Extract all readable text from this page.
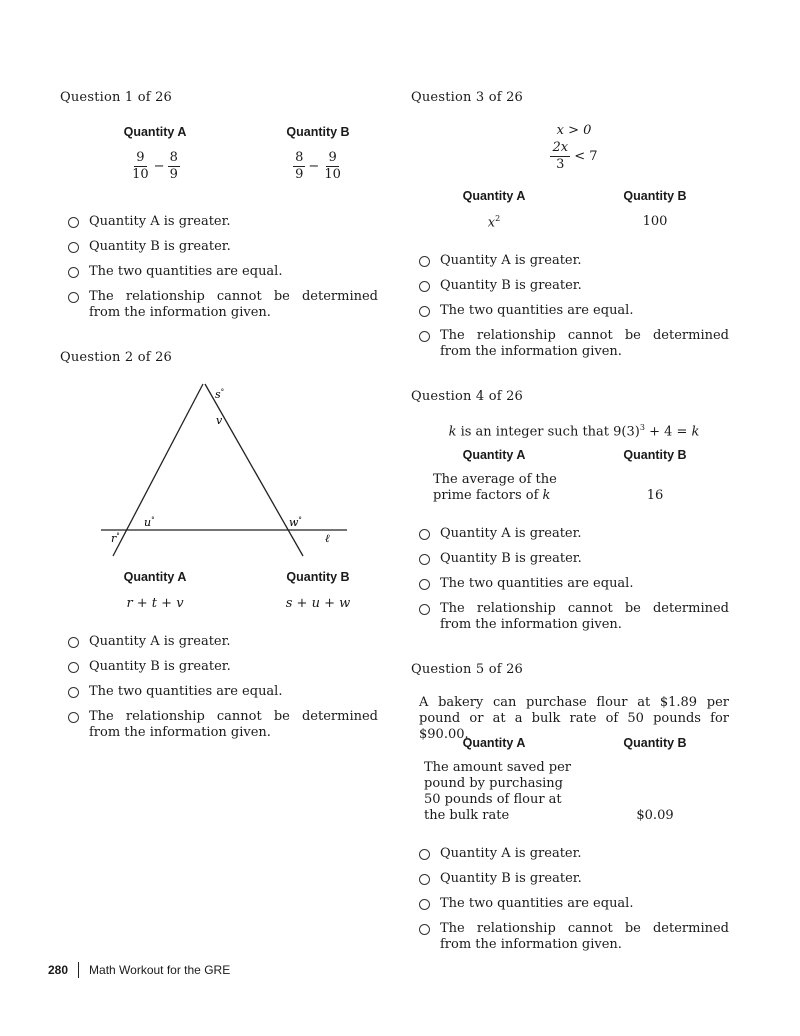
Question 1 of 26
Quantity A	Quantity B
$\frac{9}{10} - \frac{8}{9}$	$\frac{8}{9} - \frac{9}{10}$
Quantity A is greater.
Quantity B is greater.
The two quantities are equal.
The relationship cannot be determined from the information given.
Question 2 of 26
s°
v
u°	w°
r°	ℓ
Quantity A	Quantity B
r + t + v	s + u + w
Quantity A is greater.
Quantity B is greater.
The two quantities are equal.
The relationship cannot be determined from the information given.
Question 3 of 26
x > 0
$\frac{2x}{3} < 7$
Quantity A	Quantity B
$x^2$	100
Quantity A is greater.
Quantity B is greater.
The two quantities are equal.
The relationship cannot be determined from the information given.
Question 4 of 26
k is an integer such that $9(3)^3 + 4 = k$
Quantity A	Quantity B
The average of the
prime factors of k	16
Quantity A is greater.
Quantity B is greater.
The two quantities are equal.
The relationship cannot be determined from the information given.
Question 5 of 26
A bakery can purchase flour at $1.89 per pound or at a bulk rate of 50 pounds for $90.00.
Quantity A	Quantity B
The amount saved per pound by purchasing 50 pounds of flour at the bulk rate	$0.09
Quantity A is greater.
Quantity B is greater.
The two quantities are equal.
The relationship cannot be determined from the information given.
280 Math Workout for the GRE
